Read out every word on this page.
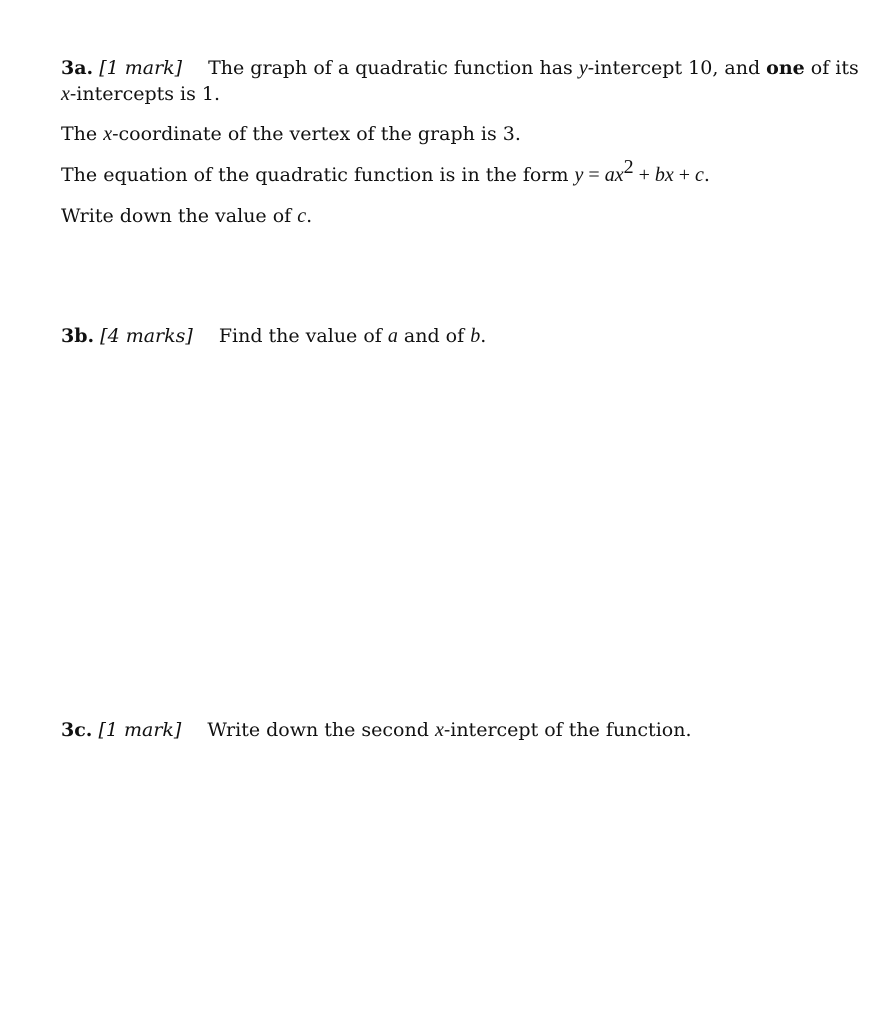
3a. [1 mark] The graph of a quadratic function has y-intercept 10, and one of its
x-intercepts is 1.
The x-coordinate of the vertex of the graph is 3.
The equation of the quadratic function is in the form $y = ax^2$ + bx + c.
Write down the value of c.
3b. [4 marks] Find the value of a and of b.
3c. [1 mark] Write down the second x-intercept of the function.
